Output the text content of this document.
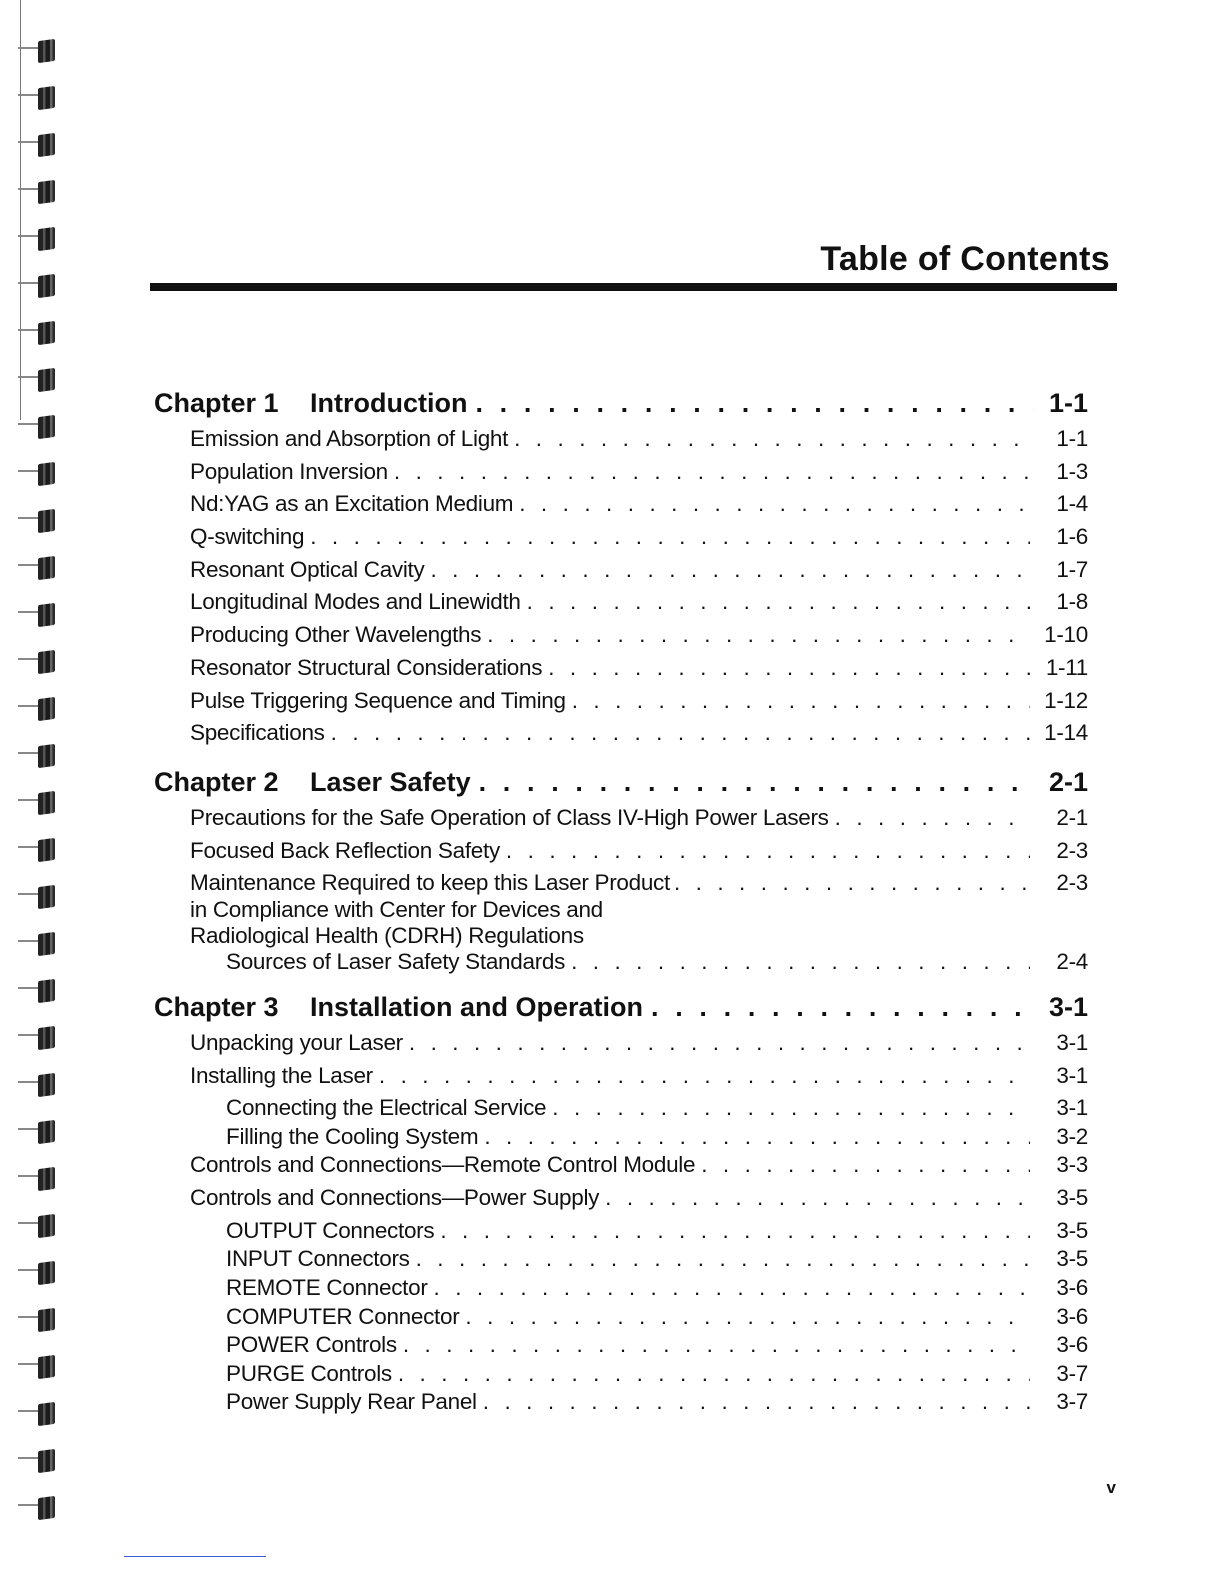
Table of Contents
Chapter 1	Introduction . . .	1-1
Emission and Absorption of Light . . .	1-1
Population Inversion . . .	1-3
Nd:YAG as an Excitation Medium . . .	1-4
Q-switching . . .	1-6
Resonant Optical Cavity . . .	1-7
Longitudinal Modes and Linewidth . . .	1-8
Producing Other Wavelengths . . .	1-10
Resonator Structural Considerations . . .	1-11
Pulse Triggering Sequence and Timing . . .	1-12
Specifications . . .	1-14
Chapter 2	Laser Safety . . .	2-1
Precautions for the Safe Operation of Class IV-High Power Lasers . . .	2-1
Focused Back Reflection Safety . . .	2-3
Maintenance Required to keep this Laser Product . . .	2-3
in Compliance with Center for Devices and
Radiological Health (CDRH) Regulations
Sources of Laser Safety Standards . . .	2-4
Chapter 3	Installation and Operation . . .	3-1
Unpacking your Laser . . .	3-1
Installing the Laser . . .	3-1
Connecting the Electrical Service . . .	3-1
Filling the Cooling System . . .	3-2
Controls and Connections—Remote Control Module . . .	3-3
Controls and Connections—Power Supply . . .	3-5
OUTPUT Connectors . . .	3-5
INPUT Connectors . . .	3-5
REMOTE Connector . . .	3-6
COMPUTER Connector . . .	3-6
POWER Controls . . .	3-6
PURGE Controls . . .	3-7
Power Supply Rear Panel . . .	3-7
v
